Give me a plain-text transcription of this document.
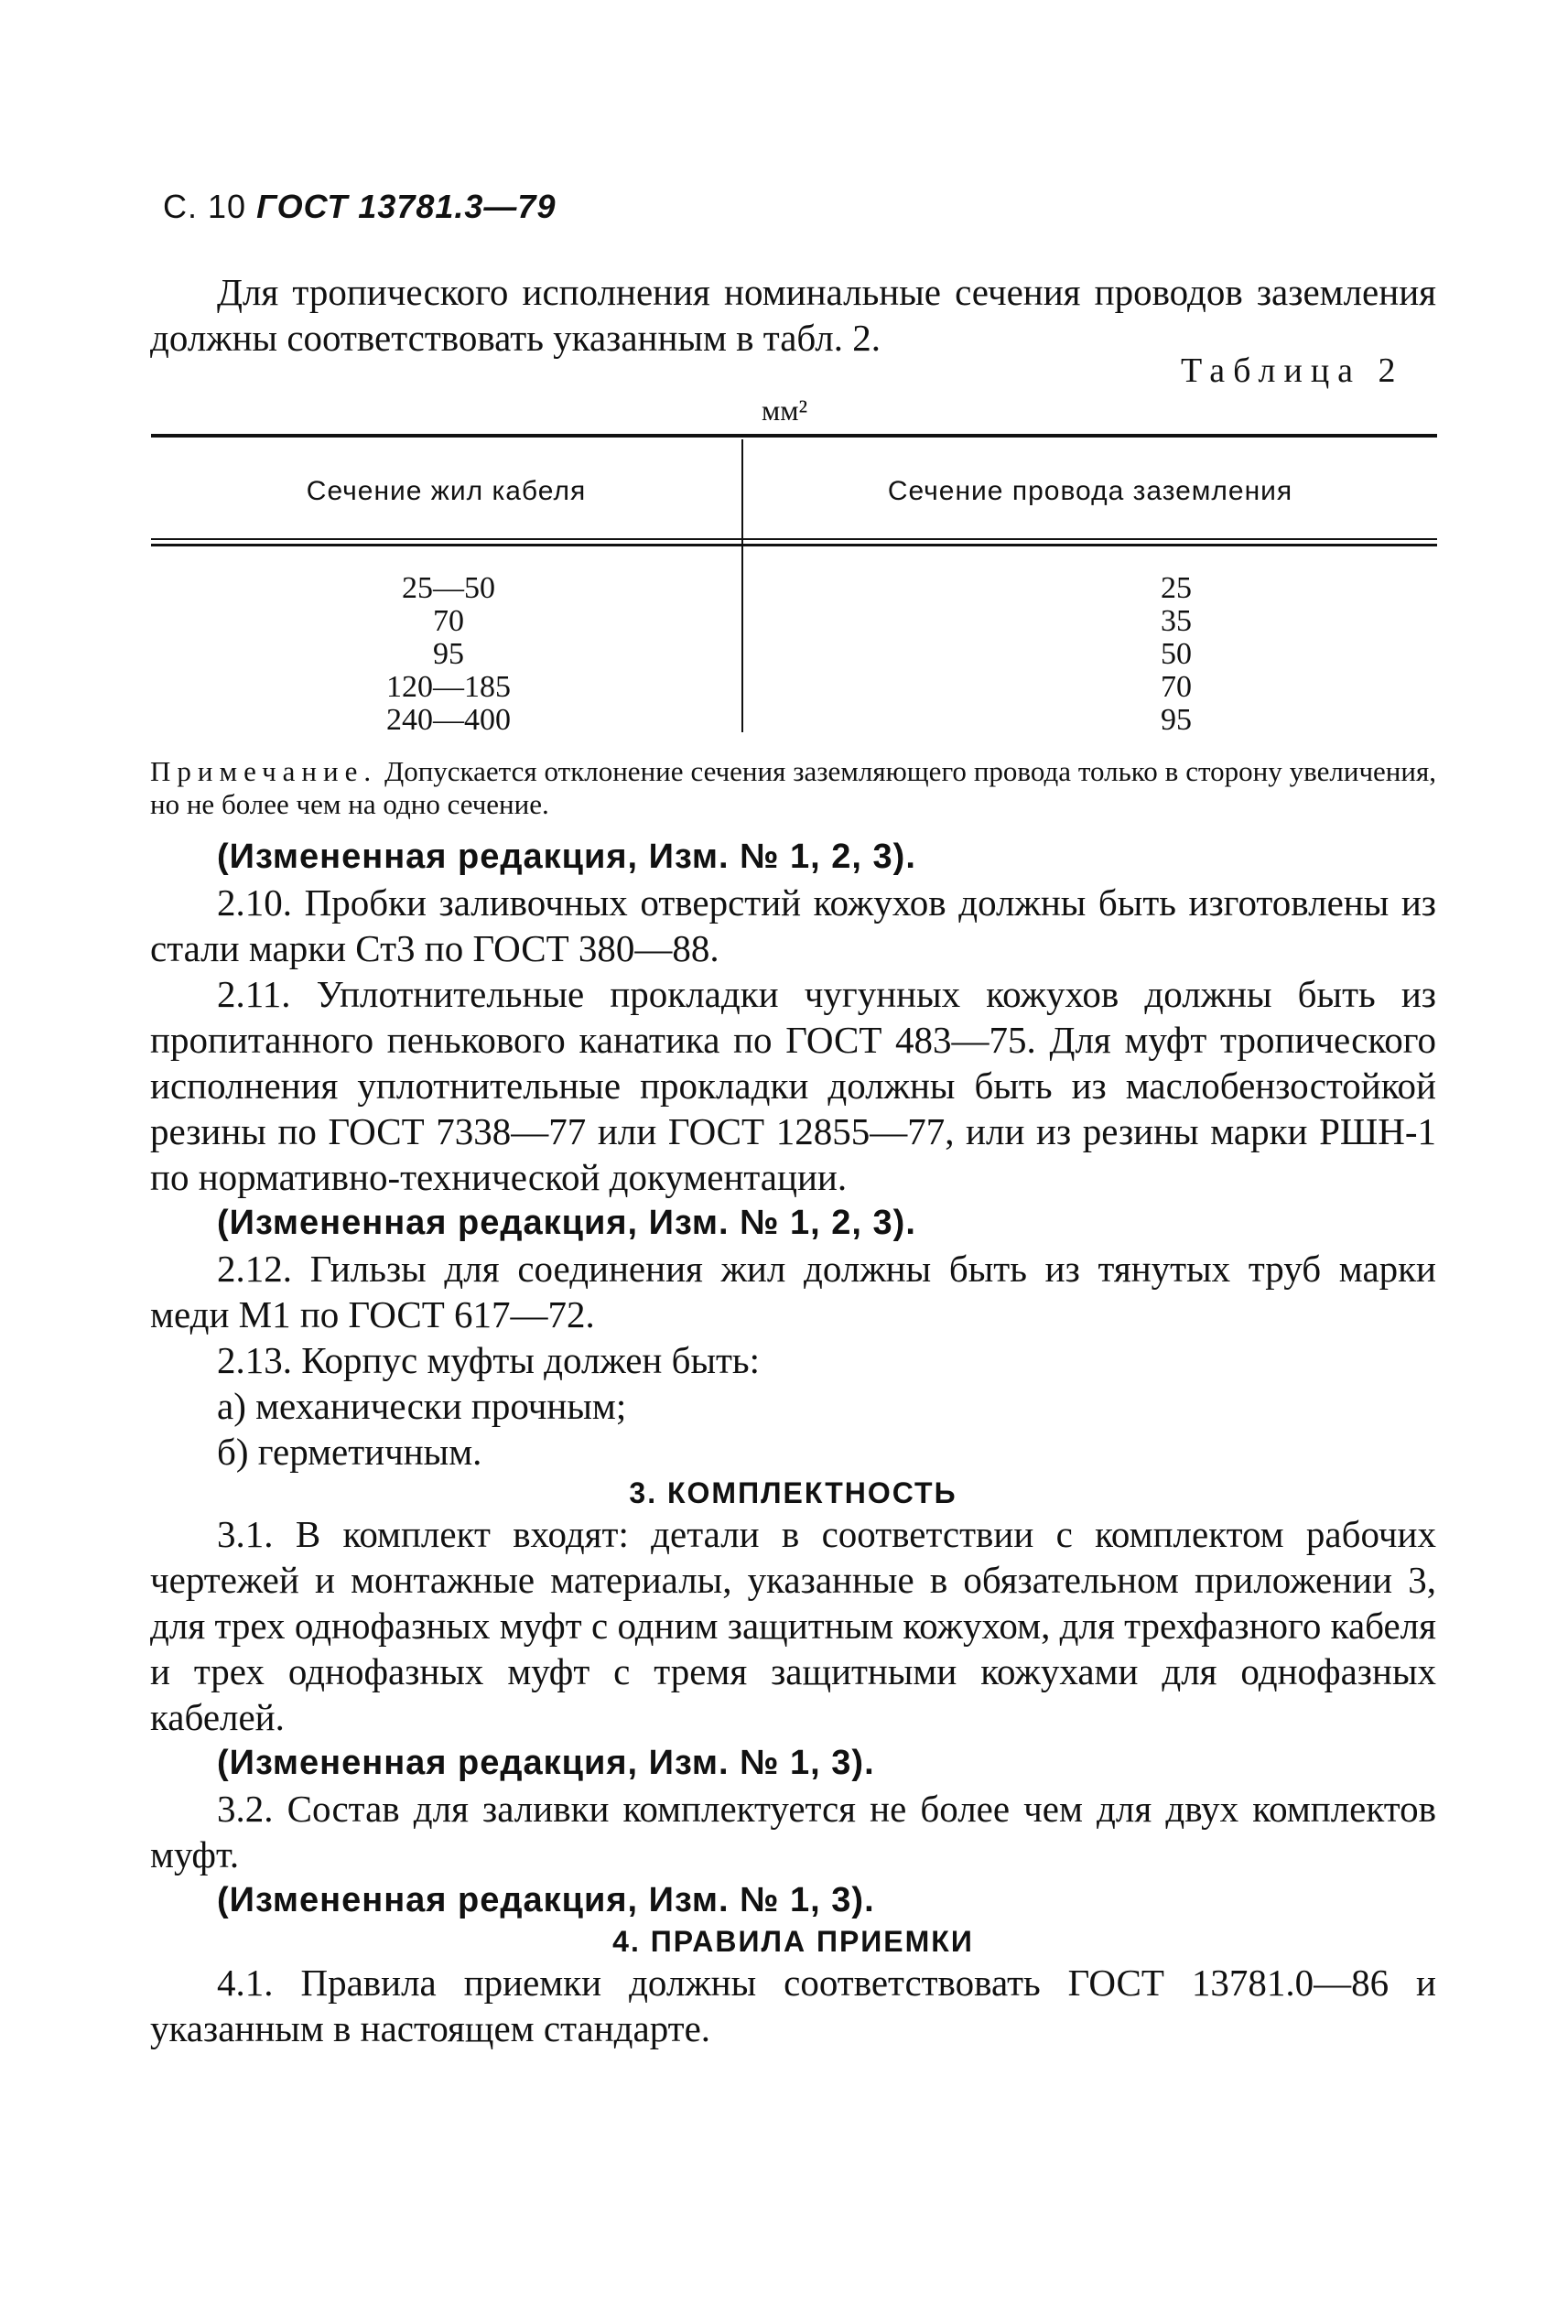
С. 10 ГОСТ 13781.3—79

Для тропического исполнения номинальные сечения проводов заземления должны соответствовать указанным в табл. 2.

Таблица 2
мм²
Сечение жил кабеля	Сечение провода заземления
25—50
70
95
120—185
240—400
25
35
50
70
95
Примечание. Допускается отклонение сечения заземляющего провода только в сторону увеличения, но не более чем на одно сечение.

(Измененная редакция, Изм. № 1, 2, 3).

2.10. Пробки заливочных отверстий кожухов должны быть изготовлены из стали марки Ст3 по ГОСТ 380—88.

2.11. Уплотнительные прокладки чугунных кожухов должны быть из пропитанного пенькового канатика по ГОСТ 483—75. Для муфт тропического исполнения уплотнительные прокладки должны быть из маслобензостойкой резины по ГОСТ 7338—77 или ГОСТ 12855—77, или из резины марки РШН-1 по нормативно-технической документации.

(Измененная редакция, Изм. № 1, 2, 3).

2.12. Гильзы для соединения жил должны быть из тянутых труб марки меди М1 по ГОСТ 617—72.

2.13. Корпус муфты должен быть:

а) механически прочным;

б) герметичным.

3. КОМПЛЕКТНОСТЬ

3.1. В комплект входят: детали в соответствии с комплектом рабочих чертежей и монтажные материалы, указанные в обязательном приложении 3, для трех однофазных муфт с одним защитным кожухом, для трехфазного кабеля и трех однофазных муфт с тремя защитными кожухами для однофазных кабелей.

(Измененная редакция, Изм. № 1, 3).

3.2. Состав для заливки комплектуется не более чем для двух комплектов муфт.

(Измененная редакция, Изм. № 1, 3).

4. ПРАВИЛА ПРИЕМКИ

4.1. Правила приемки должны соответствовать ГОСТ 13781.0—86 и указанным в настоящем стандарте.
